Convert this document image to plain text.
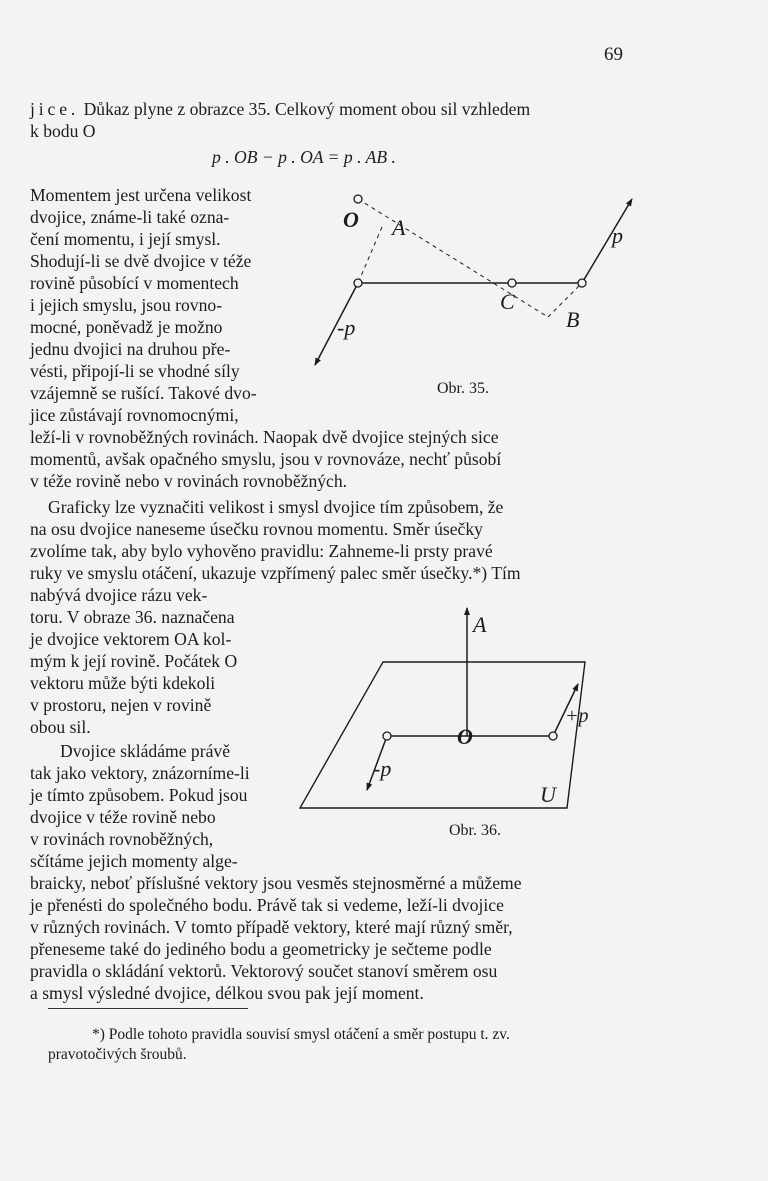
69
jice. Důkaz plyne z obrazce 35. Celkový moment obou sil vzhledem
k bodu O
p . OB − p . OA = p . AB .
Momentem jest určena velikost
dvojice, známe-li také ozna-
čení momentu, i její smysl.
Shodují-li se dvě dvojice v téže
rovině působící v momentech
i jejich smyslu, jsou rovno-
mocné, poněvadž je možno
jednu dvojici na druhou pře-
vésti, připojí-li se vhodné síly
vzájemně se rušící. Takové dvo-
jice zůstávají rovnomocnými,
leží-li v rovnoběžných rovinách. Naopak dvě dvojice stejných sice
momentů, avšak opačného smyslu, jsou v rovnováze, nechť působí
v téže rovině nebo v rovinách rovnoběžných.
Graficky lze vyznačiti velikost i smysl dvojice tím způsobem, že
na osu dvojice naneseme úsečku rovnou momentu. Směr úsečky
zvolíme tak, aby bylo vyhověno pravidlu: Zahneme-li prsty pravé
ruky ve smyslu otáčení, ukazuje vzpřímený palec směr úsečky.*) Tím
nabývá dvojice rázu vek-
toru. V obraze 36. naznačena
je dvojice vektorem OA kol-
mým k její rovině. Počátek O
vektoru může býti kdekoli
v prostoru, nejen v rovině
obou sil.
Dvojice skládáme právě
tak jako vektory, znázorníme-li
je tímto způsobem. Pokud jsou
dvojice v téže rovině nebo
v rovinách rovnoběžných,
sčítáme jejich momenty alge-
braicky, neboť příslušné vektory jsou vesměs stejnosměrné a můžeme
je přenésti do společného bodu. Právě tak si vedeme, leží-li dvojice
v různých rovinách. V tomto případě vektory, které mají různý směr,
přeneseme také do jediného bodu a geometricky je sečteme podle
pravidla o skládání vektorů. Vektorový součet stanoví směrem osu
a smysl výsledné dvojice, délkou svou pak její moment.
*) Podle tohoto pravidla souvisí smysl otáčení a směr postupu t. zv.
pravotočivých šroubů.
O A
C
B
p
-p
Obr. 35.
A
O
+p
-p
U
Obr. 36.
